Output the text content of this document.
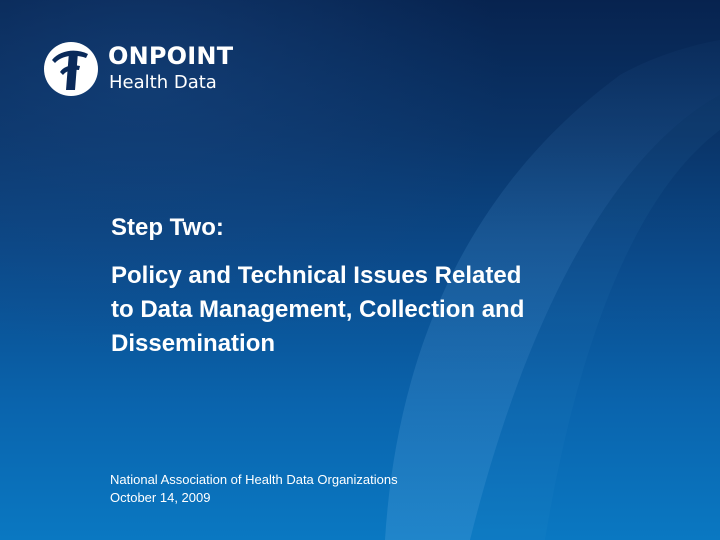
ONPOINT
Health Data
Step Two:
Policy and Technical Issues Related
to Data Management, Collection and
Dissemination
National Association of Health Data Organizations
October 14, 2009
